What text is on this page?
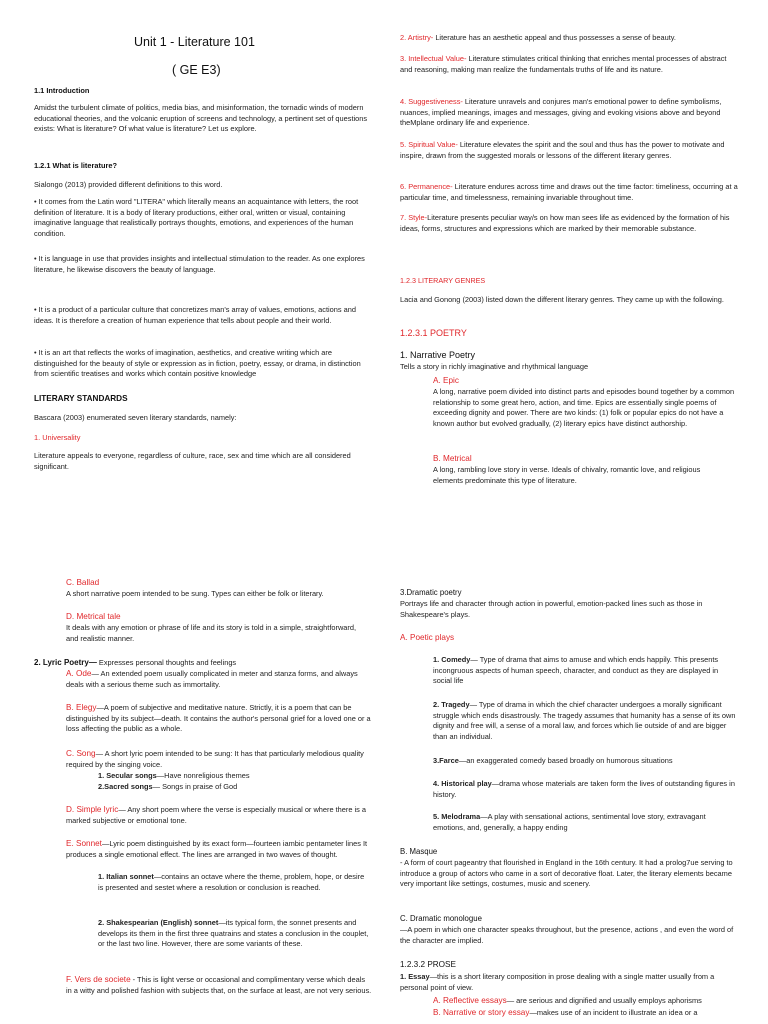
Unit 1 - Literature 101
( GE E3)
1.1 Introduction
Amidst the turbulent climate of politics, media bias, and misinformation, the tornadic winds of modern educational theories, and the volcanic eruption of screens and technology, a pertinent set of questions exists: What is literature? Of what value is literature? Let us explore.
1.2.1 What is literature?
Sialongo (2013) provided different definitions to this word.
• It comes from the Latin word "LITERA" which literally means an acquaintance with letters, the root definition of literature. It is a body of literary productions, either oral, written or visual, containing imaginative language that realistically portrays thoughts, emotions, and experiences of the human condition.
• It is language in use that provides insights and intellectual stimulation to the reader. As one explores literature, he likewise discovers the beauty of language.
• It is a product of a particular culture that concretizes man's array of values, emotions, actions and ideas. It is therefore a creation of human experience that tells about people and their world.
• It is an art that reflects the works of imagination, aesthetics, and creative writing which are distinguished for the beauty of style or expression as in fiction, poetry, essay, or drama, in distinction from scientific treatises and works which contain positive knowledge
LITERARY STANDARDS
Bascara (2003) enumerated seven literary standards, namely:
1. Universality
Literature appeals to everyone, regardless of culture, race, sex and time which are all considered significant.
2. Artistry- Literature has an aesthetic appeal and thus possesses a sense of beauty.
3. Intellectual Value- Literature stimulates critical thinking that enriches mental processes of abstract and reasoning, making man realize the fundamentals truths of life and its nature.
4. Suggestiveness- Literature unravels and conjures man's emotional power to define symbolisms, nuances, implied meanings, images and messages, giving and evoking visions above and beyond theMplane ordinary life and experience.
5. Spiritual Value- Literature elevates the spirit and the soul and thus has the power to motivate and inspire, drawn from the suggested morals or lessons of the different literary genres.
6. Permanence- Literature endures across time and draws out the time factor: timeliness, occurring at a particular time, and timelessness, remaining invariable throughout time.
7. Style-Literature presents peculiar way/s on how man sees life as evidenced by the formation of his ideas, forms, structures and expressions which are marked by their memorable substance.
1.2.3 LITERARY GENRES
Lacia and Gonong (2003) listed down the different literary genres. They came up with the following.
1.2.3.1 POETRY
1. Narrative Poetry
Tells a story in richly imaginative and rhythmical language
A. Epic
A long, narrative poem divided into distinct parts and episodes bound together by a common relationship to some great hero, action, and time. Epics are essentially single poems of exceeding dignity and power. There are two kinds: (1) folk or popular epics do not have a known author but evolved gradually, (2) literary epics have distinct authorship.
B. Metrical
A long, rambling love story in verse. Ideals of chivalry, romantic love, and religious elements predominate this type of literature.
C. Ballad
A short narrative poem intended to be sung. Types can either be folk or literary.
D. Metrical tale
It deals with any emotion or phrase of life and its story is told in a simple, straightforward, and realistic manner.
2. Lyric Poetry— Expresses personal thoughts and feelings
A. Ode— An extended poem usually complicated in meter and stanza forms, and always deals with a serious theme such as immortality.
B. Elegy—A poem of subjective and meditative nature. Strictly, it is a poem that can be distinguished by its subject—death. It contains the author's personal grief for a loved one or a loss affecting the public as a whole.
C. Song— A short lyric poem intended to be sung: It has that particularly melodious quality required by the singing voice.
1. Secular songs—Have nonreligious themes
2.Sacred songs— Songs in praise of God
D. Simple lyric— Any short poem where the verse is especially musical or where there is a marked subjective or emotional tone.
E. Sonnet—Lyric poem distinguished by its exact form—fourteen iambic pentameter lines It produces a single emotional effect. The lines are arranged in two waves of thought.
1. Italian sonnet—contains an octave where the theme, problem, hope, or desire is presented and sestet where a resolution or conclusion is reached.
2. Shakespearian (English) sonnet—its typical form, the sonnet presents and develops its them in the first three quatrains and states a conclusion in the couplet, or the last two line. However, there are some variants of these.
F. Vers de societe - This is light verse or occasional and complimentary verse which deals in a witty and polished fashion with subjects that, on the surface at least, are not very serious.
3.Dramatic poetry
Portrays life and character through action in powerful, emotion-packed lines such as those in Shakespeare's plays.
A. Poetic plays
1. Comedy— Type of drama that aims to amuse and which ends happily. This presents incongruous aspects of human speech, character, and conduct as they are displayed in social life
2. Tragedy— Type of drama in which the chief character undergoes a morally significant struggle which ends disastrously. The tragedy assumes that humanity has a sense of its own dignity and free will, a sense of a moral law, and forces which lie outside of and are bigger than an individual.
3.Farce—an exaggerated comedy based broadly on humorous situations
4. Historical play—drama whose materials are taken form the lives of outstanding figures in history.
5. Melodrama—A play with sensational actions, sentimental love story, extravagant emotions, and, generally, a happy ending
B. Masque
- A form of court pageantry that flourished in England in the 16th century. It had a prolog7ue serving to introduce a group of actors who came in a sort of decorative float. Later, the literary elements became very important like settings, costumes, music and scenery.
C. Dramatic monologue
—A poem in which one character speaks throughout, but the presence, actions , and even the word of the character are implied.
1.2.3.2 PROSE
1. Essay—this is a short literary composition in prose dealing with a single matter usually from a personal point of view.
A. Reflective essays— are serious and dignified and usually employs aphorisms
B. Narrative or story essay—makes use of an incident to illustrate an idea or a
